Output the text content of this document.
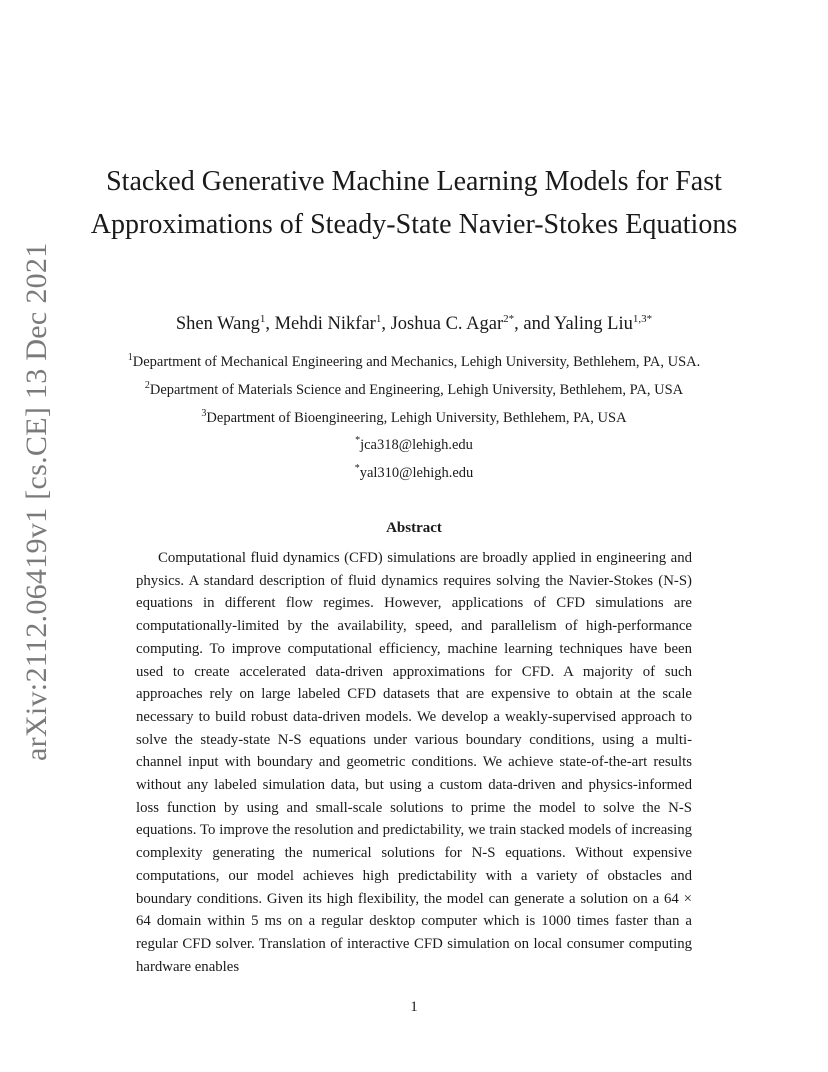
arXiv:2112.06419v1 [cs.CE] 13 Dec 2021
Stacked Generative Machine Learning Models for Fast Approximations of Steady-State Navier-Stokes Equations
Shen Wang$^1$, Mehdi Nikfar$^1$, Joshua C. Agar$^{2*}$, and Yaling Liu$^{1,3*}$
$^1$Department of Mechanical Engineering and Mechanics, Lehigh University, Bethlehem, PA, USA.
$^2$Department of Materials Science and Engineering, Lehigh University, Bethlehem, PA, USA
$^3$Department of Bioengineering, Lehigh University, Bethlehem, PA, USA
*jca318@lehigh.edu
*yal310@lehigh.edu
Abstract

Computational fluid dynamics (CFD) simulations are broadly applied in engineering and physics. A standard description of fluid dynamics requires solving the Navier-Stokes (N-S) equations in different flow regimes. However, applications of CFD simulations are computationally-limited by the availability, speed, and parallelism of high-performance computing. To improve computational efficiency, machine learning techniques have been used to create accelerated data-driven approximations for CFD. A majority of such approaches rely on large labeled CFD datasets that are expensive to obtain at the scale necessary to build robust data-driven models. We develop a weakly-supervised approach to solve the steady-state N-S equations under various boundary conditions, using a multi-channel input with boundary and geometric conditions. We achieve state-of-the-art results without any labeled simulation data, but using a custom data-driven and physics-informed loss function by using and small-scale solutions to prime the model to solve the N-S equations. To improve the resolution and predictability, we train stacked models of increasing complexity generating the numerical solutions for N-S equations. Without expensive computations, our model achieves high predictability with a variety of obstacles and boundary conditions. Given its high flexibility, the model can generate a solution on a 64 × 64 domain within 5 ms on a regular desktop computer which is 1000 times faster than a regular CFD solver. Translation of interactive CFD simulation on local consumer computing hardware enables

1
